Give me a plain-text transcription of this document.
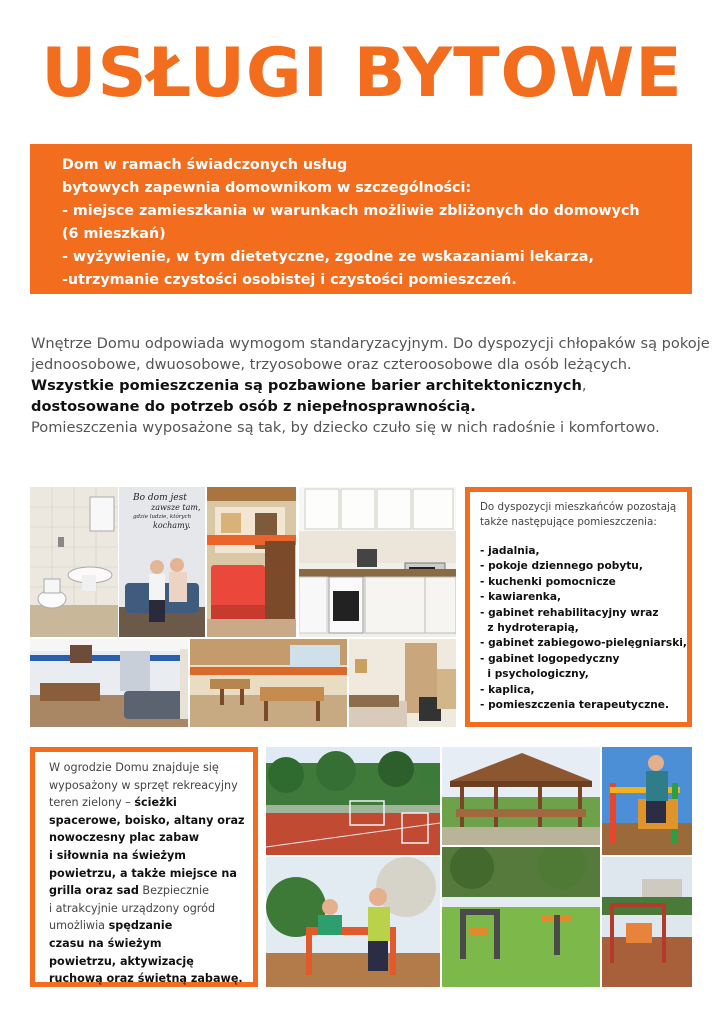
USŁUGI BYTOWE
Dom w ramach świadczonych usług
bytowych zapewnia domownikom w szczególności:
- miejsce zamieszkania w warunkach możliwie zbliżonych do domowych
(6 mieszkań)
- wyżywienie, w tym dietetyczne, zgodne ze wskazaniami lekarza,
-utrzymanie czystości osobistej i czystości pomieszczeń.
Wnętrze Domu odpowiada wymogom standaryzacyjnym. Do dyspozycji chłopaków są pokoje
jednoosobowe, dwuosobowe, trzyosobowe oraz czteroosobowe dla osób leżących.
Wszystkie pomieszczenia są pozbawione barier architektonicznych,
dostosowane do potrzeb osób z niepełnosprawnością.
Pomieszczenia wyposażone są tak, by dziecko czuło się w nich radośnie i komfortowo.
Bo dom jest
zawsze tam,
gdzie ludzie, których
kochamy.
Do dyspozycji mieszkańców pozostają
także następujące pomieszczenia:
- jadalnia,
- pokoje dziennego pobytu,
- kuchenki pomocnicze
- kawiarenka,
- gabinet rehabilitacyjny wraz
z hydroterapią,
- gabinet zabiegowo-pielęgniarski,
- gabinet logopedyczny
i psychologiczny,
- kaplica,
- pomieszczenia terapeutyczne.
W ogrodzie Domu znajduje się
wyposażony w sprzęt rekreacyjny
teren zielony – ścieżki
spacerowe, boisko, altany oraz
nowoczesny plac zabaw
i siłownia na świeżym
powietrzu, a także miejsce na
grilla oraz sad Bezpiecznie
i atrakcyjnie urządzony ogród
umożliwia spędzanie
czasu na świeżym
powietrzu, aktywizację
ruchową oraz świetną zabawę.
